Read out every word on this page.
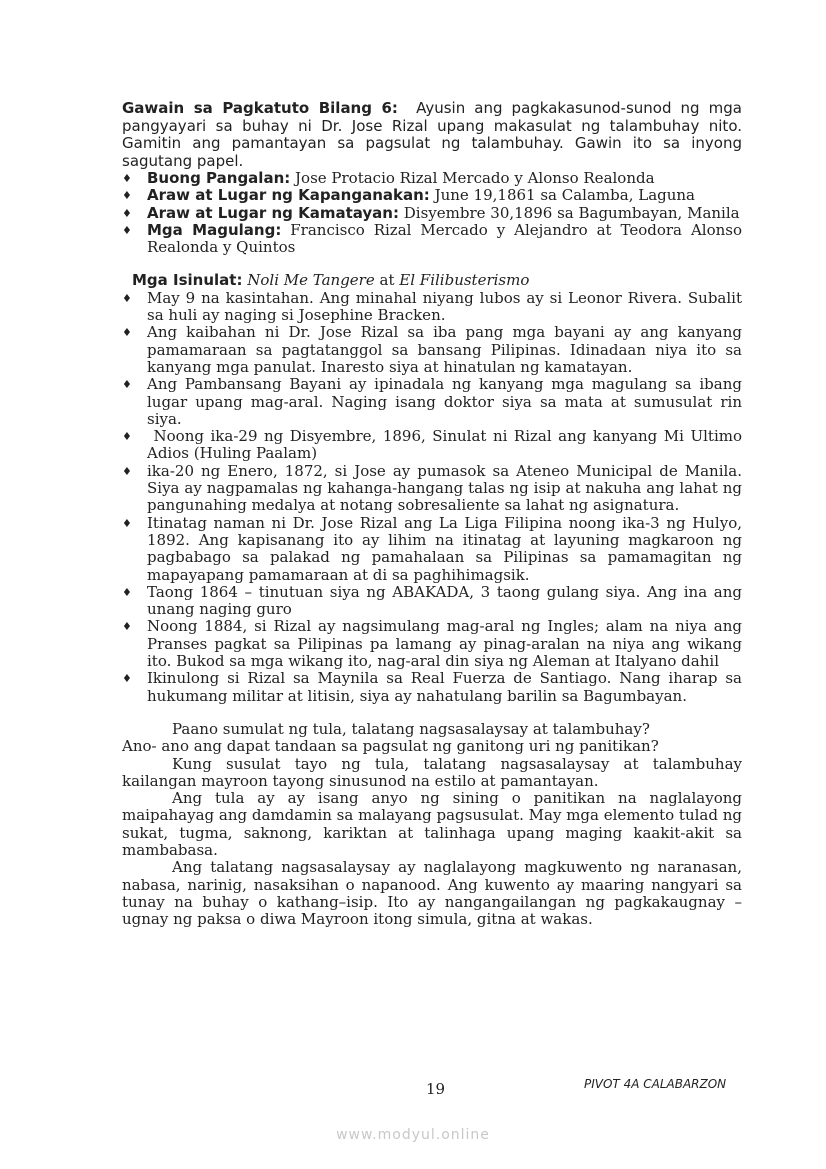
Gawain sa Pagkatuto Bilang 6: Ayusin ang pagkakasunod-sunod ng mga pangyayari sa buhay ni Dr. Jose Rizal upang makasulat ng talambuhay nito. Gamitin ang pamantayan sa pagsulat ng talambuhay. Gawin ito sa inyong sagutang papel.

♦ Buong Pangalan: Jose Protacio Rizal Mercado y Alonso Realonda
♦ Araw at Lugar ng Kapanganakan: June 19,1861 sa Calamba, Laguna
♦ Araw at Lugar ng Kamatayan: Disyembre 30,1896 sa Bagumbayan, Manila
♦ Mga Magulang: Francisco Rizal Mercado y Alejandro at Teodora Alonso Realonda y Quintos
Mga Isinulat: Noli Me Tangere at El Filibusterismo
♦ May 9 na kasintahan. Ang minahal niyang lubos ay si Leonor Rivera. Subalit sa huli ay naging si Josephine Bracken.
♦ Ang kaibahan ni Dr. Jose Rizal sa iba pang mga bayani ay ang kanyang pamamaraan sa pagtatanggol sa bansang Pilipinas. Idinadaan niya ito sa kanyang mga panulat. Inaresto siya at hinatulan ng kamatayan.
♦ Ang Pambansang Bayani ay ipinadala ng kanyang mga magulang sa ibang lugar upang mag-aral. Naging isang doktor siya sa mata at sumusulat rin siya.
♦ Noong ika-29 ng Disyembre, 1896, Sinulat ni Rizal ang kanyang Mi Ultimo Adios (Huling Paalam)
♦ ika-20 ng Enero, 1872, si Jose ay pumasok sa Ateneo Municipal de Manila. Siya ay nagpamalas ng kahanga-hangang talas ng isip at nakuha ang lahat ng pangunahing medalya at notang sobresaliente sa lahat ng asignatura.
♦ Itinatag naman ni Dr. Jose Rizal ang La Liga Filipina noong ika-3 ng Hulyo, 1892. Ang kapisanang ito ay lihim na itinatag at layuning magkaroon ng pagbabago sa palakad ng pamahalaan sa Pilipinas sa pamamagitan ng mapayapang pamamaraan at di sa paghihimagsik.
♦ Taong 1864 – tinutuan siya ng ABAKADA, 3 taong gulang siya. Ang ina ang unang naging guro
♦ Noong 1884, si Rizal ay nagsimulang mag-aral ng Ingles; alam na niya ang Pranses pagkat sa Pilipinas pa lamang ay pinag-aralan na niya ang wikang ito. Bukod sa mga wikang ito, nag-aral din siya ng Aleman at Italyano dahil
♦ Ikinulong si Rizal sa Maynila sa Real Fuerza de Santiago. Nang iharap sa hukumang militar at litisin, siya ay nahatulang barilin sa Bagumbayan.

Paano sumulat ng tula, talatang nagsasalaysay at talambuhay?

Ano- ano ang dapat tandaan sa pagsulat ng ganitong uri ng panitikan?

Kung susulat tayo ng tula, talatang nagsasalaysay at talambuhay kailangan mayroon tayong sinusunod na estilo at pamantayan.

Ang tula ay ay isang anyo ng sining o panitikan na naglalayong maipahayag ang damdamin sa malayang pagsusulat. May mga elemento tulad ng sukat, tugma, saknong, kariktan at talinhaga upang maging kaakit-akit sa mambabasa.

Ang talatang nagsasalaysay ay naglalayong magkuwento ng naranasan, nabasa, narinig, nasaksihan o napanood. Ang kuwento ay maaring nangyari sa tunay na buhay o kathang–isip. Ito ay nangangailangan ng pagkakaugnay – ugnay ng paksa o diwa Mayroon itong simula, gitna at wakas.

19	PIVOT 4A CALABARZON
www.modyul.online
